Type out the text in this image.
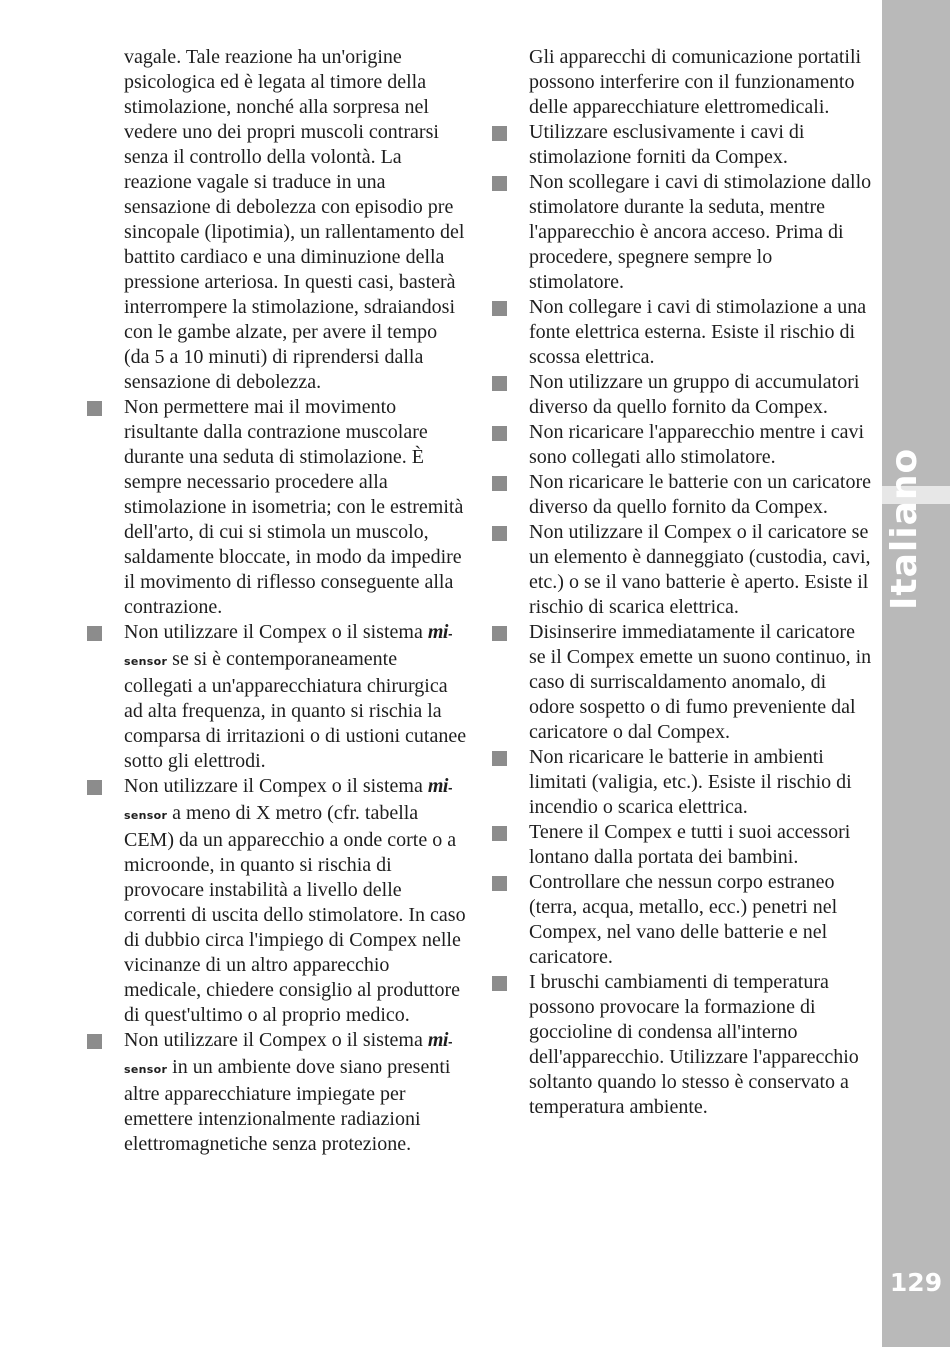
vagale. Tale reazione ha un'origine psicologica ed è legata al timore della stimolazione, nonché alla sorpresa nel vedere uno dei propri muscoli contrarsi senza il controllo della volontà. La reazione vagale si traduce in una sensazione di debolezza con episodio pre sincopale (lipotimia), un rallentamento del battito cardiaco e una diminuzione della pressione arteriosa. In questi casi, basterà interrompere la stimolazione, sdraiandosi con le gambe alzate, per avere il tempo (da 5 a 10 minuti) di riprendersi dalla sensazione di debolezza.
Non permettere mai il movimento risultante dalla contrazione muscolare durante una seduta di stimolazione. È sempre necessario procedere alla stimolazione in isometria; con le estremità dell'arto, di cui si stimola un muscolo, saldamente bloccate, in modo da impedire il movimento di riflesso conseguente alla contrazione.
Non utilizzare il Compex o il sistema mi-sensor se si è contemporaneamente collegati a un'apparecchiatura chirurgica ad alta frequenza, in quanto si rischia la comparsa di irritazioni o di ustioni cutanee sotto gli elettrodi.
Non utilizzare il Compex o il sistema mi-sensor a meno di X metro (cfr. tabella CEM) da un apparecchio a onde corte o a microonde, in quanto si rischia di provocare instabilità a livello delle correnti di uscita dello stimolatore. In caso di dubbio circa l'impiego di Compex nelle vicinanze di un altro apparecchio medicale, chiedere consiglio al produttore di quest'ultimo o al proprio medico.
Non utilizzare il Compex o il sistema mi-sensor in un ambiente dove siano presenti altre apparecchiature impiegate per emettere intenzionalmente radiazioni elettromagnetiche senza protezione.
Gli apparecchi di comunicazione portatili possono interferire con il funzionamento delle apparecchiature elettromedicali.
Utilizzare esclusivamente i cavi di stimolazione forniti da Compex.
Non scollegare i cavi di stimolazione dallo stimolatore durante la seduta, mentre l'apparecchio è ancora acceso. Prima di procedere, spegnere sempre lo stimolatore.
Non collegare i cavi di stimolazione a una fonte elettrica esterna. Esiste il rischio di scossa elettrica.
Non utilizzare un gruppo di accumulatori diverso da quello fornito da Compex.
Non ricaricare l'apparecchio mentre i cavi sono collegati allo stimolatore.
Non ricaricare le batterie con un caricatore diverso da quello fornito da Compex.
Non utilizzare il Compex o il caricatore se un elemento è danneggiato (custodia, cavi, etc.) o se il vano batterie è aperto. Esiste il rischio di scarica elettrica.
Disinserire immediatamente il caricatore se il Compex emette un suono continuo, in caso di surriscaldamento anomalo, di odore sospetto o di fumo preveniente dal caricatore o dal Compex.
Non ricaricare le batterie in ambienti limitati (valigia, etc.). Esiste il rischio di incendio o scarica elettrica.
Tenere il Compex e tutti i suoi accessori lontano dalla portata dei bambini.
Controllare che nessun corpo estraneo (terra, acqua, metallo, ecc.) penetri nel Compex, nel vano delle batterie e nel caricatore.
I bruschi cambiamenti di temperatura possono provocare la formazione di goccioline di condensa all'interno dell'apparecchio. Utilizzare l'apparecchio soltanto quando lo stesso è conservato a temperatura ambiente.
Italiano
129
